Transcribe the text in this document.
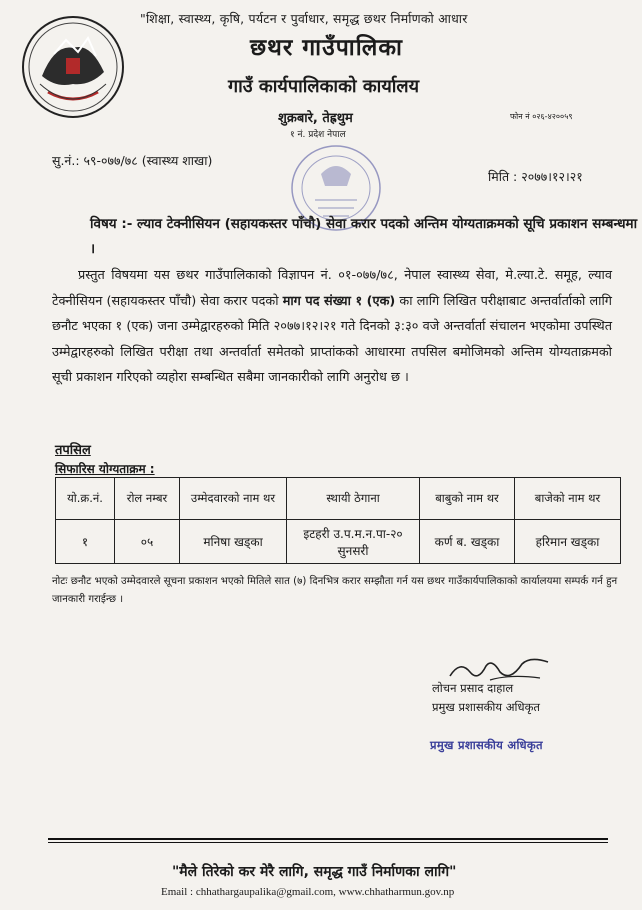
"शिक्षा, स्वास्थ्य, कृषि, पर्यटन र पुर्वाधार, समृद्ध छथर निर्माणको आधार
छथर गाउँपालिका
गाउँ कार्यपालिकाको कार्यालय
शुक्रबारे, तेह्रथुम
१ नं. प्रदेश नेपाल
फोन नं ०२६-४२००५९
सु.नं.: ५९-०७७/७८ (स्वास्थ्य शाखा)
मिति : २०७७।१२।२१
विषय :- ल्याव टेक्नीसियन (सहायकस्तर पाँचौ) सेवा करार पदको अन्तिम योग्यताक्रमको सूचि प्रकाशन सम्बन्धमा ।
प्रस्तुत विषयमा यस छथर गाउँपालिकाको विज्ञापन नं. ०१-०७७/७८, नेपाल स्वास्थ्य सेवा, मे.ल्या.टे. समूह, ल्याव टेक्नीसियन (सहायकस्तर पाँचौ) सेवा करार पदको माग पद संख्या १ (एक) का लागि लिखित परीक्षाबाट अन्तर्वार्ताको लागि छनौट भएका १ (एक) जना उम्मेद्वारहरुको मिति २०७७।१२।२१ गते दिनको ३:३० वजे अन्तर्वार्ता संचालन भएकोमा उपस्थित उम्मेद्वारहरुको लिखित परीक्षा तथा अन्तर्वार्ता समेतको प्राप्तांकको आधारमा तपसिल बमोजिमको अन्तिम योग्यताक्रमको सूची प्रकाशन गरिएको व्यहोरा सम्बन्धित सबैमा जानकारीको लागि अनुरोध छ ।
तपसिल
सिफारिस योग्यताक्रम :
यो.क्र.नं.	रोल नम्बर	उम्मेदवारको नाम थर	स्थायी ठेगाना	बाबुको नाम थर	बाजेको नाम थर
१	०५	मनिषा खड्का	इटहरी उ.प.म.न.पा-२० सुनसरी	कर्ण ब. खड्का	हरिमान खड्का
नोटः छनौट भएको उम्मेदवारले सूचना प्रकाशन भएको मितिले सात (७) दिनभित्र करार सम्झौता गर्न यस छथर गाउँकार्यपालिकाको कार्यालयमा सम्पर्क गर्न हुन जानकारी गराईन्छ ।
लोचन प्रसाद दाहाल
प्रमुख प्रशासकीय अधिकृत
प्रमुख प्रशासकीय अधिकृत
"मैले तिरेको कर मेरै लागि, समृद्ध गाउँ निर्माणका लागि"
Email : chhathargaupalika@gmail.com, www.chhatharmun.gov.np
